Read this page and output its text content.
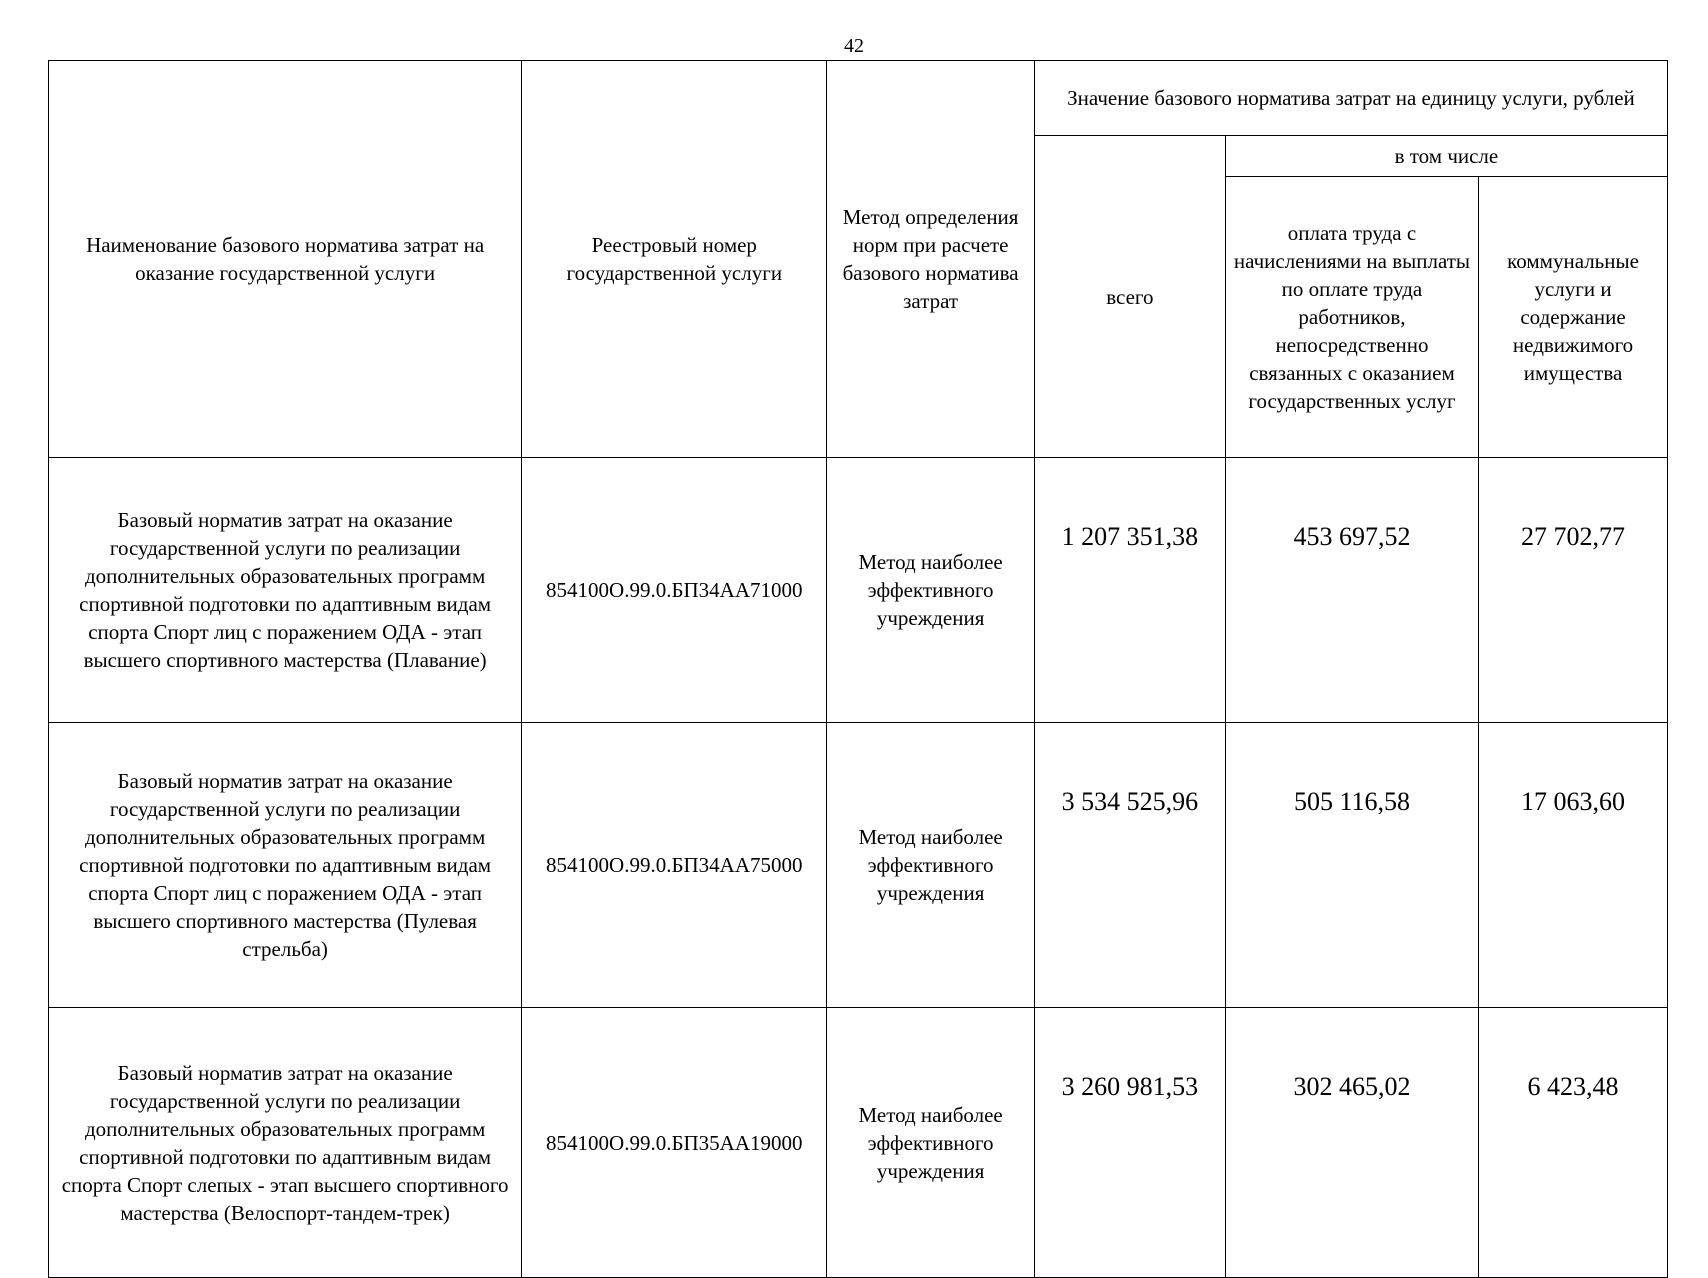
42
Наименование базового норматива затрат на оказание государственной услуги	Реестровый номер государственной услуги	Метод определения норм при расчете базового норматива затрат	Значение базового норматива затрат на единицу услуги, рублей		
			всего	в том числе	
				оплата труда с начислениями на выплаты по оплате труда работников, непосредственно связанных с оказанием государственных услуг	коммунальные услуги и содержание недвижимого имущества
Базовый норматив затрат на оказание государственной услуги по реализации дополнительных образовательных программ спортивной подготовки по адаптивным видам спорта Спорт лиц с поражением ОДА - этап высшего спортивного мастерства (Плавание)	854100О.99.0.БП34АА71000	Метод наиболее эффективного учреждения	1 207 351,38	453 697,52	27 702,77
Базовый норматив затрат на оказание государственной услуги по реализации дополнительных образовательных программ спортивной подготовки по адаптивным видам спорта Спорт лиц с поражением ОДА - этап высшего спортивного мастерства (Пулевая стрельба)	854100О.99.0.БП34АА75000	Метод наиболее эффективного учреждения	3 534 525,96	505 116,58	17 063,60
Базовый норматив затрат на оказание государственной услуги по реализации дополнительных образовательных программ спортивной подготовки по адаптивным видам спорта Спорт слепых - этап высшего спортивного мастерства (Велоспорт-тандем-трек)	854100О.99.0.БП35АА19000	Метод наиболее эффективного учреждения	3 260 981,53	302 465,02	6 423,48
